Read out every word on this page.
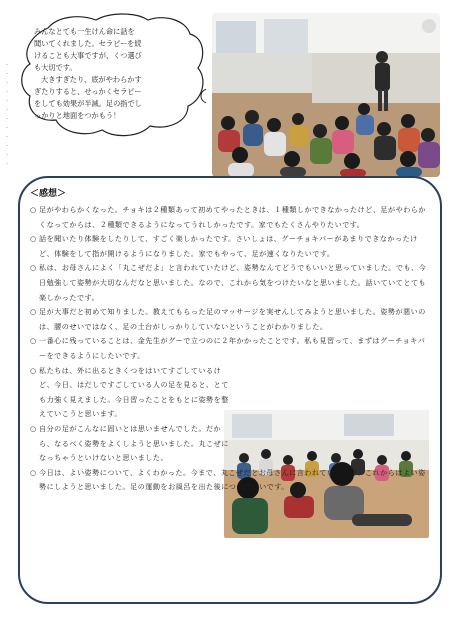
-
-
-
-
-
-
-
-
-
-
-
-

みんなとても一生けん命に話を

聞いてくれました。セラピーを続

けることも大事ですが、くつ選び

も大切です。

大きすぎたり、底がやわらかす

ぎたりすると、せっかくセラピー

をしても効果が半減。足の指でし

っかりと地面をつかもう！

＜感想＞

○ 足がやわらかくなった。チョキは２種類あって初めてやったときは、１種類しかできなかったけど、足がやわらかくなってからは、２種類できるようになってうれしかったです。家でもたくさんやりたいです。

○ 話を聞いたり体験をしたりして、すごく楽しかったです。さいしょは、グーチョキパーがあまりできなかったけど、体験をして指が開けるようになりました。家でもやって、足が速くなりたいです。

○ 私は、お母さんによく「丸こぜだよ」と言われていたけど、姿勢なんてどうでもいいと思っていました。でも、今日勉強して姿勢が大切なんだなと思いました。なので、これから気をつけたいなと思いました。話いていてとても楽しかったです。

○ 足が大事だと初めて知りました。教えてもらった足のマッサージを実せんしてみようと思いました。姿勢が悪いのは、腰のせいではなく、足の土台がしっかりしていないということがわかりました。

○ 一番心に残っていることは、金先生がグーで立つのに２年かかったことです。私も見習って、まずはグーチョキパーをできるようにしたいです。

○ 私たちは、外に出るときくつをはいてすごしているけど、今日、はだしですごしている人の足を見ると、とても力強く見えました。今日習ったことをもとに姿勢を整えていこうと思います。

○ 自分の足がこんなに固いとは思いませんでした。だから、なるべく姿勢をよくしようと思いました。丸こぜになっちゃうといけないと思いました。

○ 今日は、よい姿勢について、よくわかった。今まで、丸こぜだとお母さんに言われていたので、これからはよい姿勢にしようと思いました。足の運動をお風呂を出た後につづけたいです。
